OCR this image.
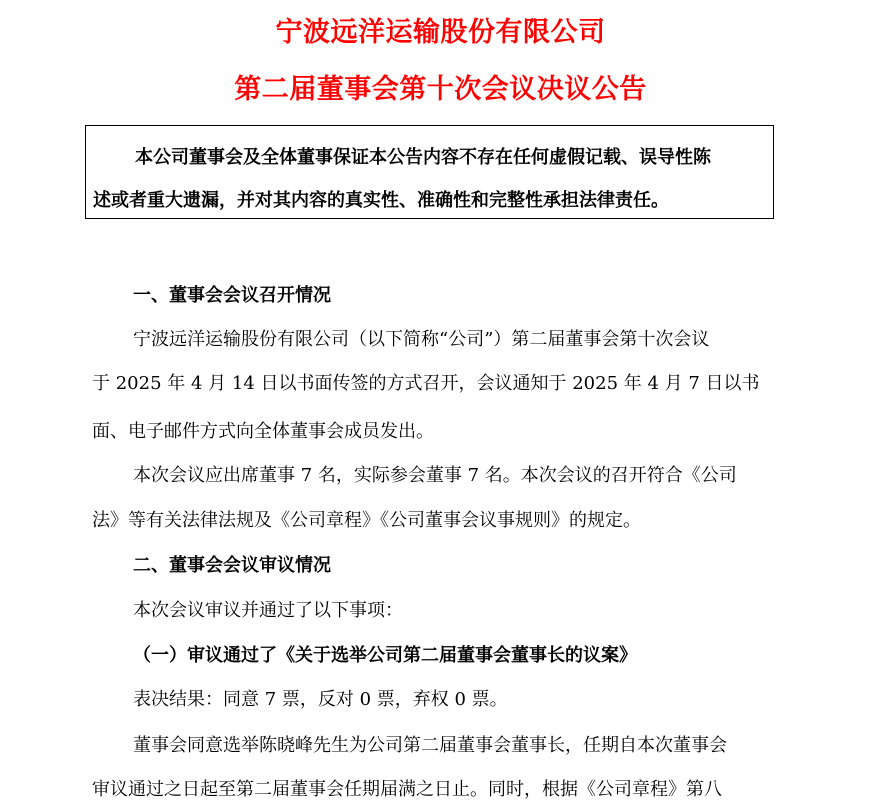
宁波远洋运输股份有限公司
第二届董事会第十次会议决议公告
本公司董事会及全体董事保证本公告内容不存在任何虚假记载、误导性陈
述或者重大遗漏，并对其内容的真实性、准确性和完整性承担法律责任。
一、董事会会议召开情况
宁波远洋运输股份有限公司（以下简称“公司”）第二届董事会第十次会议
于 2025 年 4 月 14 日以书面传签的方式召开，会议通知于 2025 年 4 月 7 日以书
面、电子邮件方式向全体董事会成员发出。
本次会议应出席董事 7 名，实际参会董事 7 名。本次会议的召开符合《公司
法》等有关法律法规及《公司章程》《公司董事会议事规则》的规定。
二、董事会会议审议情况
本次会议审议并通过了以下事项：
（一）审议通过了《关于选举公司第二届董事会董事长的议案》
表决结果：同意 7 票，反对 0 票，弃权 0 票。
董事会同意选举陈晓峰先生为公司第二届董事会董事长，任期自本次董事会
审议通过之日起至第二届董事会任期届满之日止。同时，根据《公司章程》第八
